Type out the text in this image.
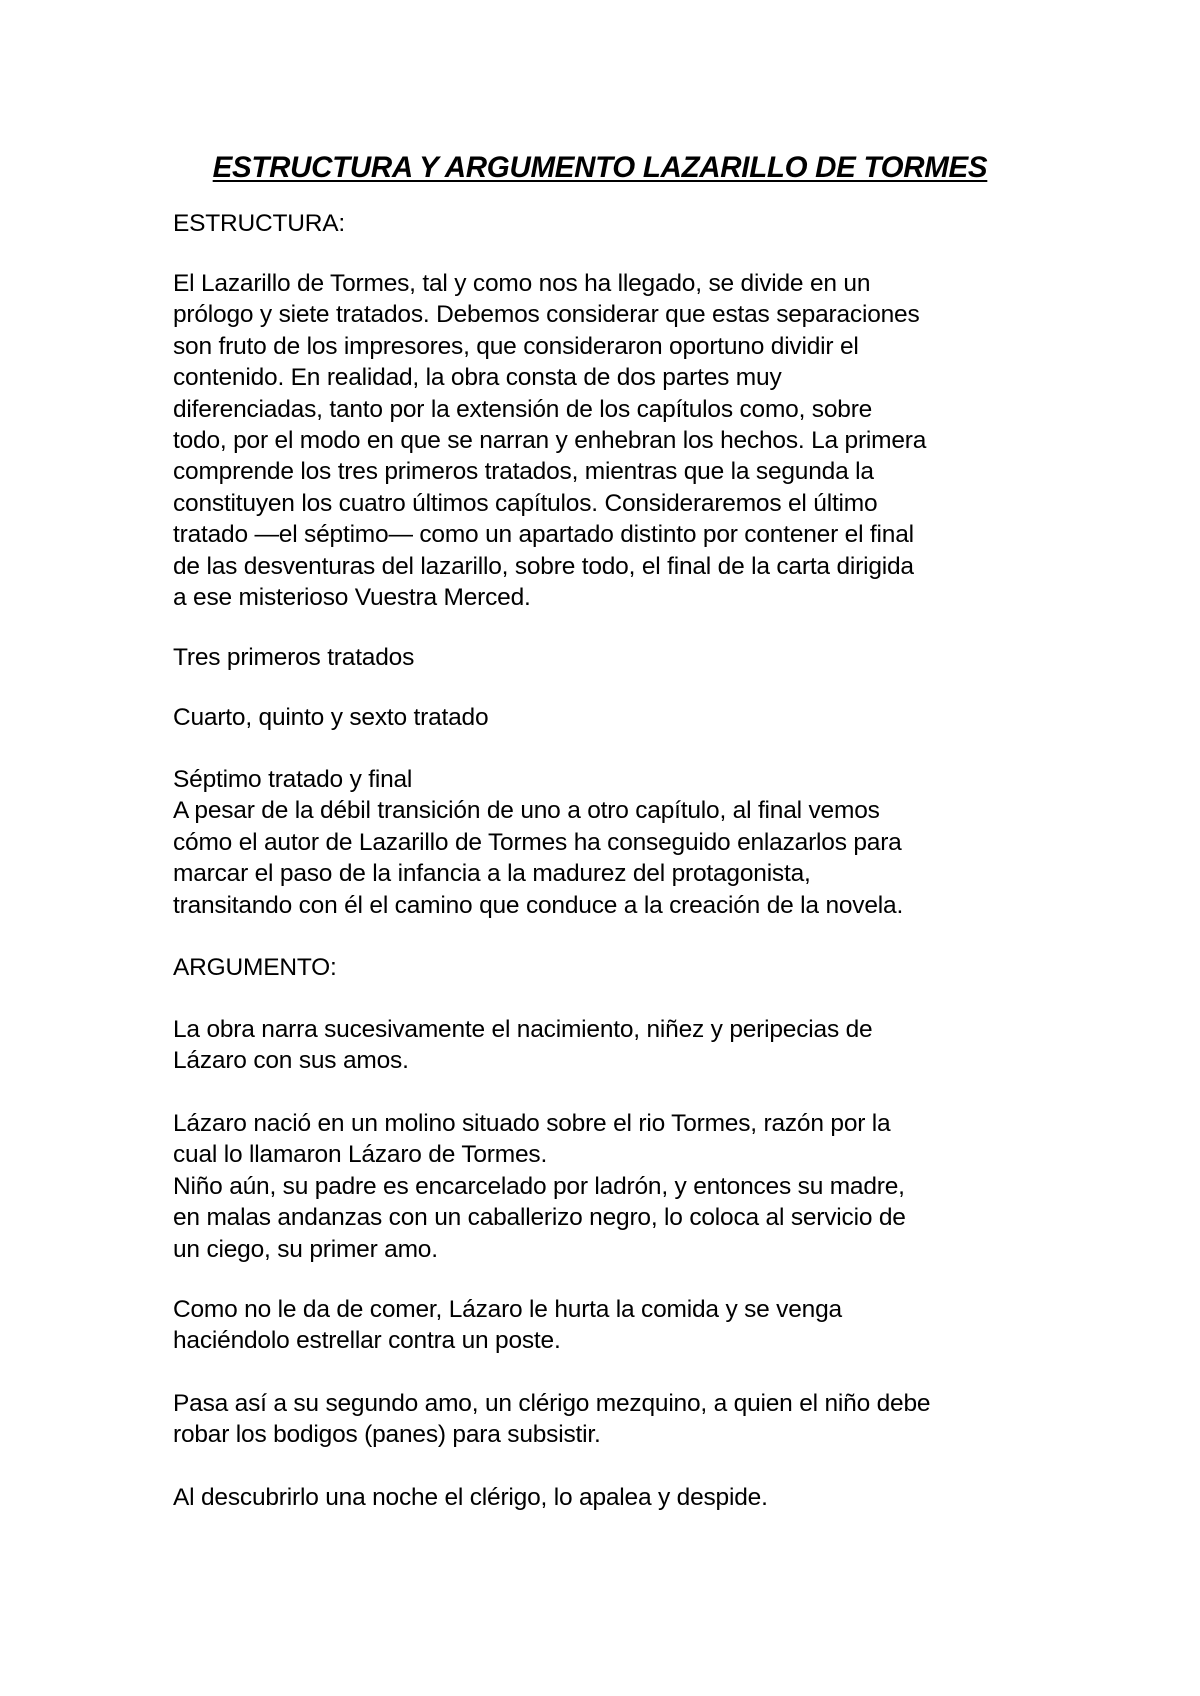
ESTRUCTURA Y ARGUMENTO LAZARILLO DE TORMES

ESTRUCTURA:

El Lazarillo de Tormes, tal y como nos ha llegado, se divide en un
prólogo y siete tratados. Debemos considerar que estas separaciones
son fruto de los impresores, que consideraron oportuno dividir el
contenido. En realidad, la obra consta de dos partes muy
diferenciadas, tanto por la extensión de los capítulos como, sobre
todo, por el modo en que se narran y enhebran los hechos. La primera
comprende los tres primeros tratados, mientras que la segunda la
constituyen los cuatro últimos capítulos. Consideraremos el último
tratado —el séptimo— como un apartado distinto por contener el final
de las desventuras del lazarillo, sobre todo, el final de la carta dirigida
a ese misterioso Vuestra Merced.

Tres primeros tratados

Cuarto, quinto y sexto tratado

Séptimo tratado y final
A pesar de la débil transición de uno a otro capítulo, al final vemos
cómo el autor de Lazarillo de Tormes ha conseguido enlazarlos para
marcar el paso de la infancia a la madurez del protagonista,
transitando con él el camino que conduce a la creación de la novela.

ARGUMENTO:

La obra narra sucesivamente el nacimiento, niñez y peripecias de
Lázaro con sus amos.

Lázaro nació en un molino situado sobre el rio Tormes, razón por la
cual lo llamaron Lázaro de Tormes.
Niño aún, su padre es encarcelado por ladrón, y entonces su madre,
en malas andanzas con un caballerizo negro, lo coloca al servicio de
un ciego, su primer amo.

Como no le da de comer, Lázaro le hurta la comida y se venga
haciéndolo estrellar contra un poste.

Pasa así a su segundo amo, un clérigo mezquino, a quien el niño debe
robar los bodigos (panes) para subsistir.

Al descubrirlo una noche el clérigo, lo apalea y despide.
